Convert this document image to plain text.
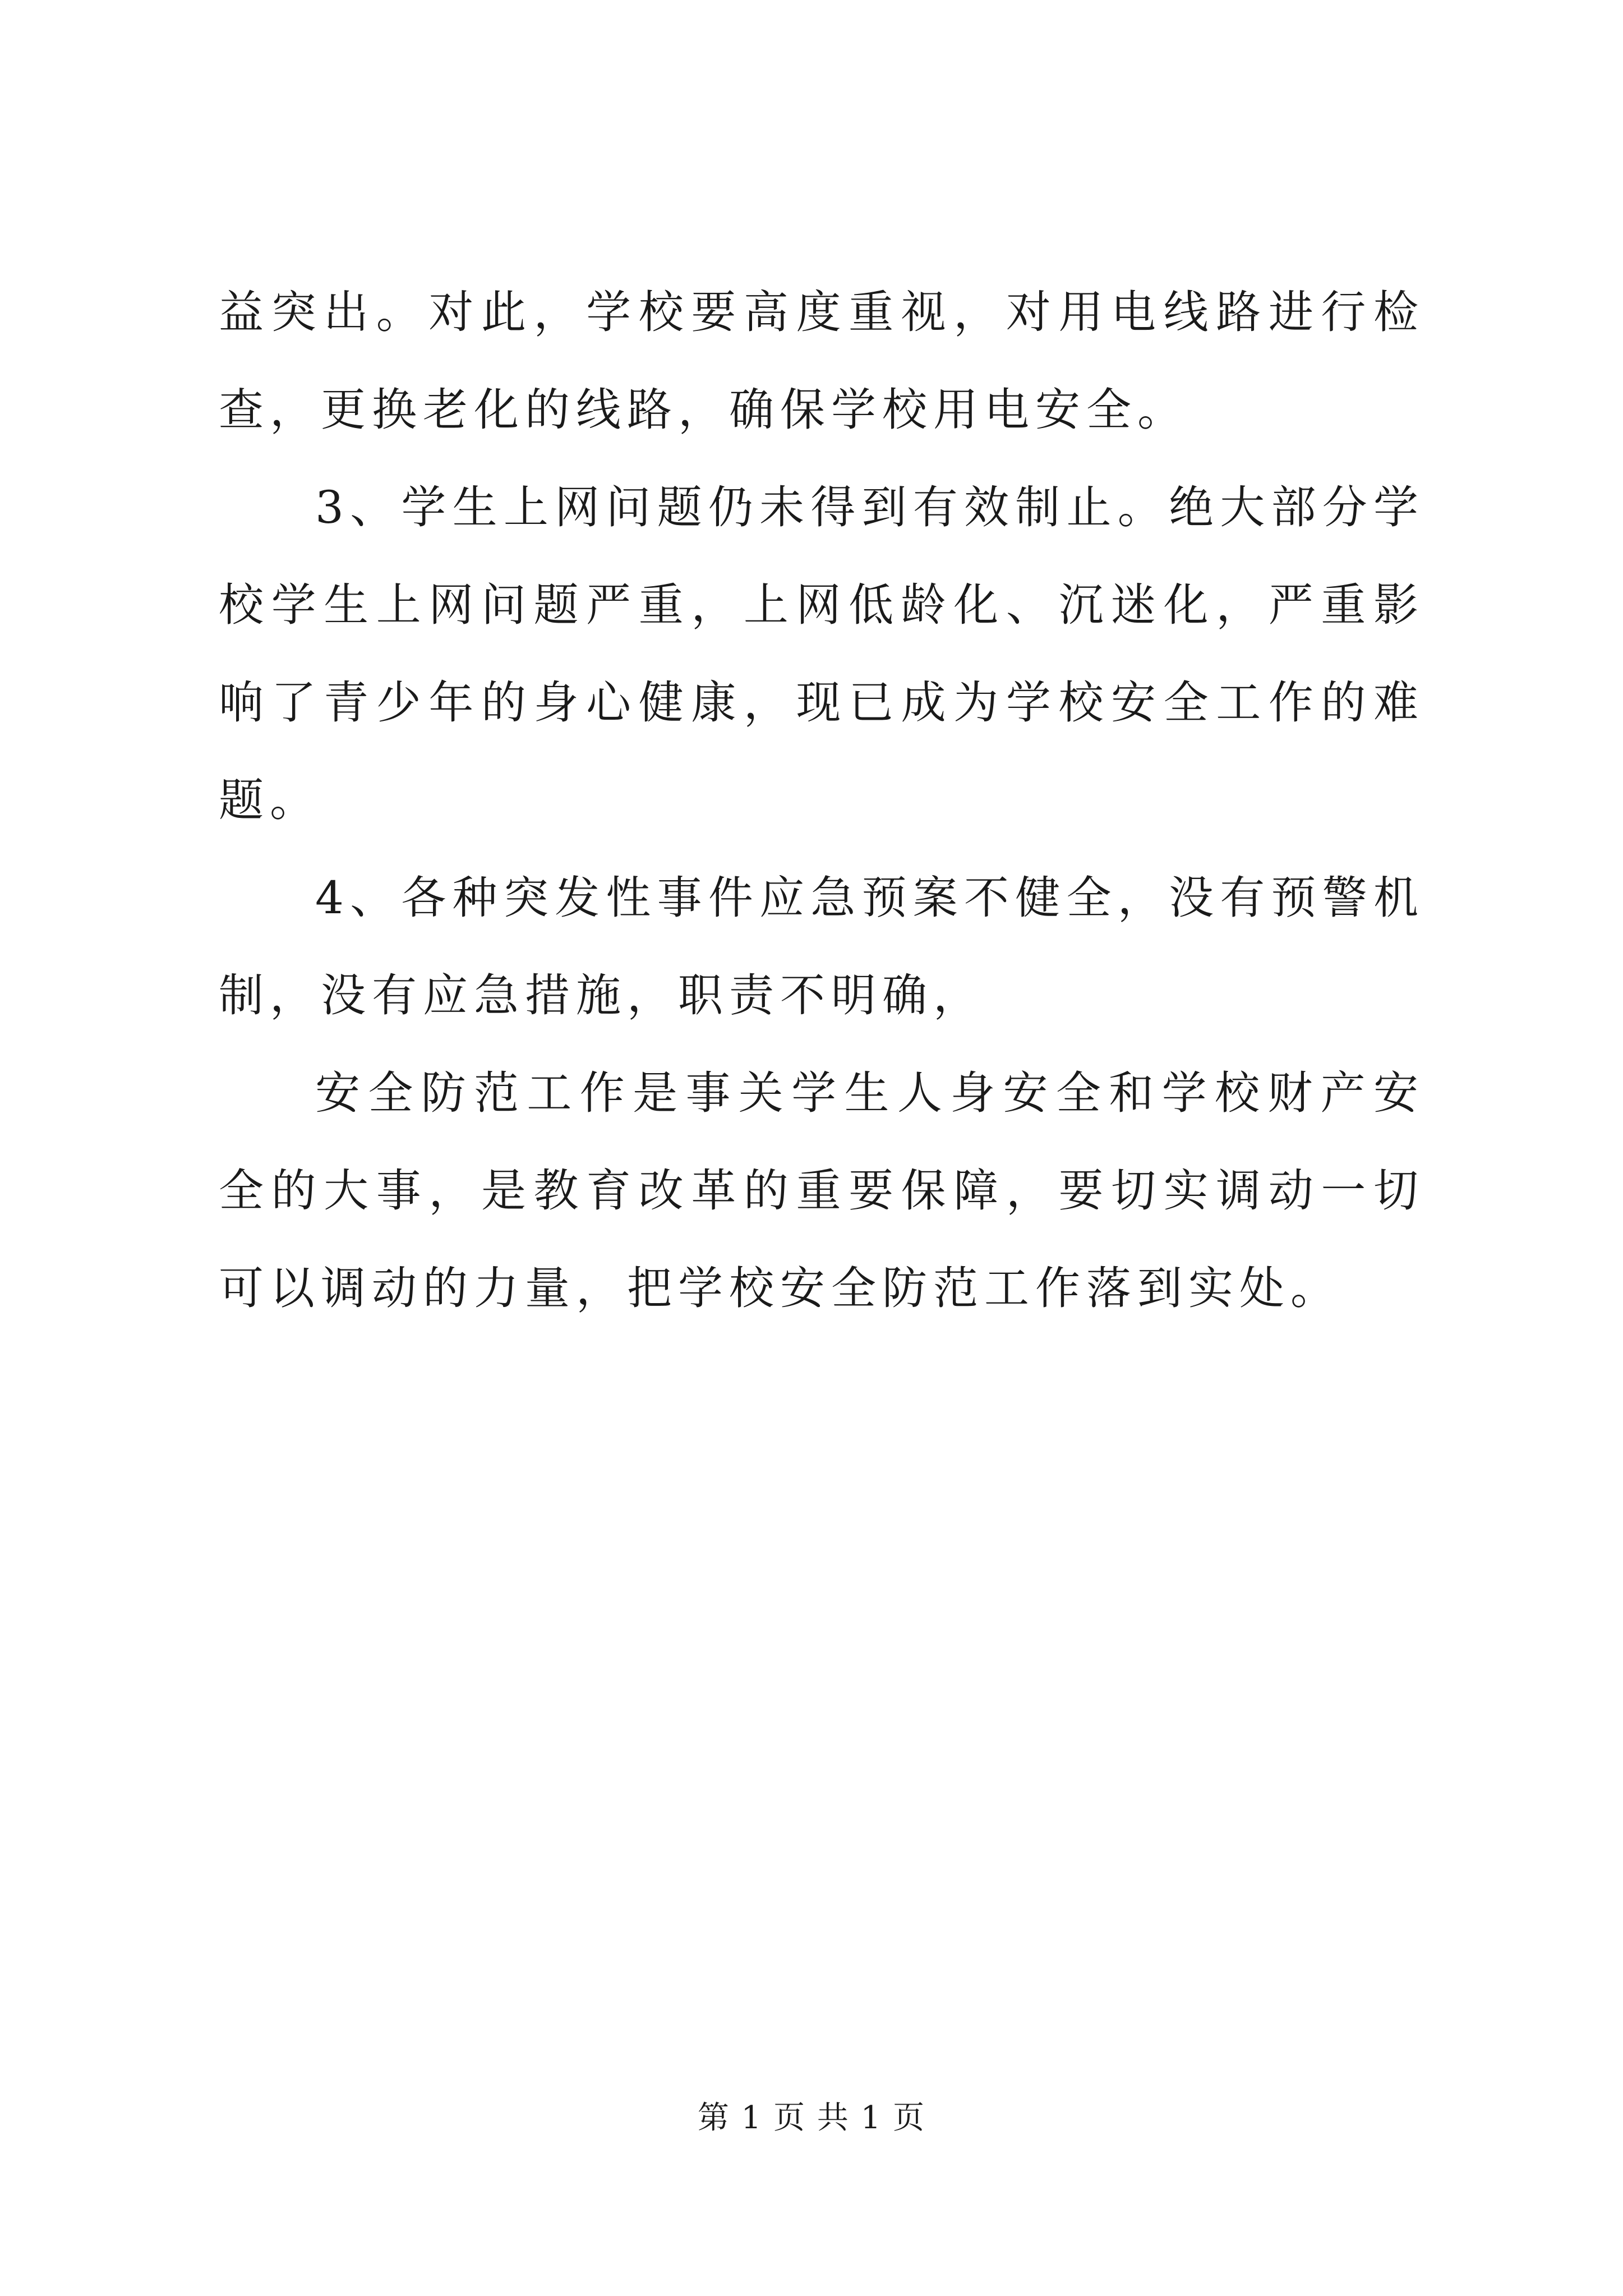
益突出。对此，学校要高度重视，对用电线路进行检查，更换老化的线路，确保学校用电安全。

3、学生上网问题仍未得到有效制止。绝大部分学校学生上网问题严重，上网低龄化、沉迷化，严重影响了青少年的身心健康，现已成为学校安全工作的难题。

4、各种突发性事件应急预案不健全，没有预警机制，没有应急措施，职责不明确，

安全防范工作是事关学生人身安全和学校财产安全的大事，是教育改革的重要保障，要切实调动一切可以调动的力量，把学校安全防范工作落到实处。

第 1 页 共 1 页
